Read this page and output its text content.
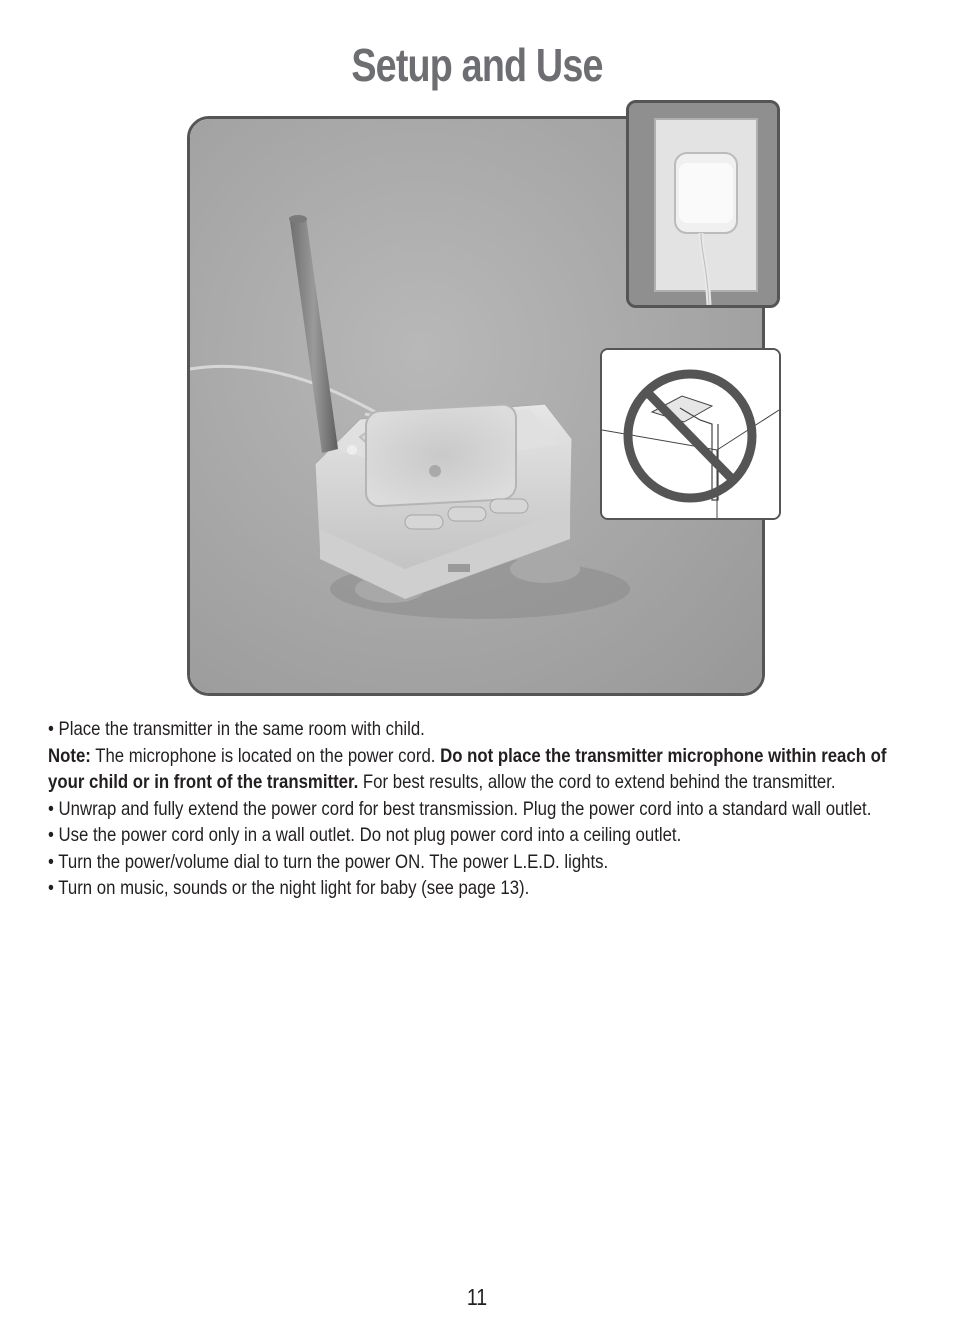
Setup and Use

• Place the transmitter in the same room with child.

Note: The microphone is located on the power cord. Do not place the transmitter microphone within reach of your child or in front of the transmitter. For best results, allow the cord to extend behind the transmitter.

• Unwrap and fully extend the power cord for best transmission. Plug the power cord into a standard wall outlet.

• Use the power cord only in a wall outlet. Do not plug power cord into a ceiling outlet.

• Turn the power/volume dial to turn the power ON. The power L.E.D. lights.

• Turn on music, sounds or the night light for baby (see page 13).

11
